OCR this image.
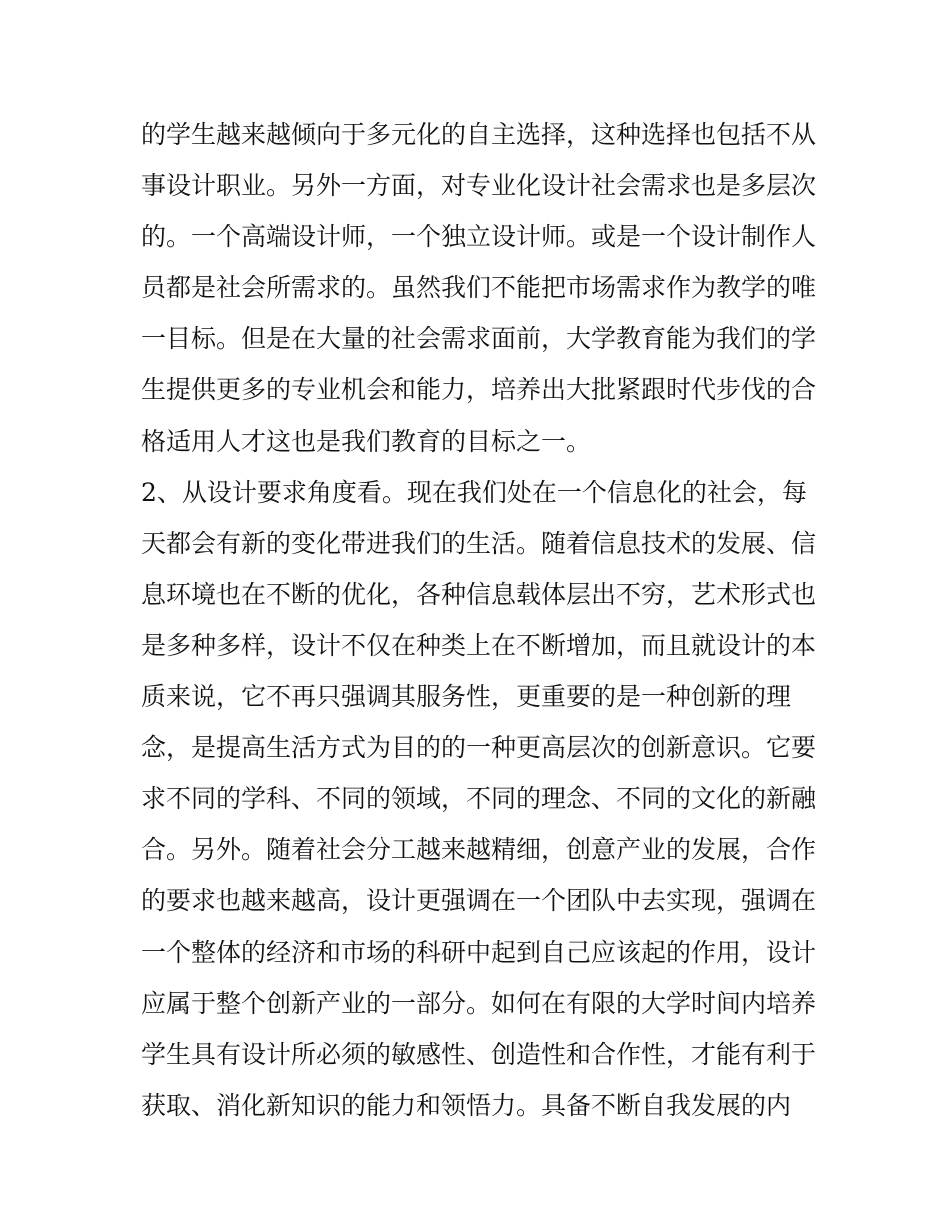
的学生越来越倾向于多元化的自主选择，这种选择也包括不从
事设计职业。另外一方面，对专业化设计社会需求也是多层次
的。一个高端设计师，一个独立设计师。或是一个设计制作人
员都是社会所需求的。虽然我们不能把市场需求作为教学的唯
一目标。但是在大量的社会需求面前，大学教育能为我们的学
生提供更多的专业机会和能力，培养出大批紧跟时代步伐的合
格适用人才这也是我们教育的目标之一。
2、从设计要求角度看。现在我们处在一个信息化的社会，每
天都会有新的变化带进我们的生活。随着信息技术的发展、信
息环境也在不断的优化，各种信息载体层出不穷，艺术形式也
是多种多样，设计不仅在种类上在不断增加，而且就设计的本
质来说，它不再只强调其服务性，更重要的是一种创新的理
念，是提高生活方式为目的的一种更高层次的创新意识。它要
求不同的学科、不同的领域，不同的理念、不同的文化的新融
合。另外。随着社会分工越来越精细，创意产业的发展，合作
的要求也越来越高，设计更强调在一个团队中去实现，强调在
一个整体的经济和市场的科研中起到自己应该起的作用，设计
应属于整个创新产业的一部分。如何在有限的大学时间内培养
学生具有设计所必须的敏感性、创造性和合作性，才能有利于
获取、消化新知识的能力和领悟力。具备不断自我发展的内
